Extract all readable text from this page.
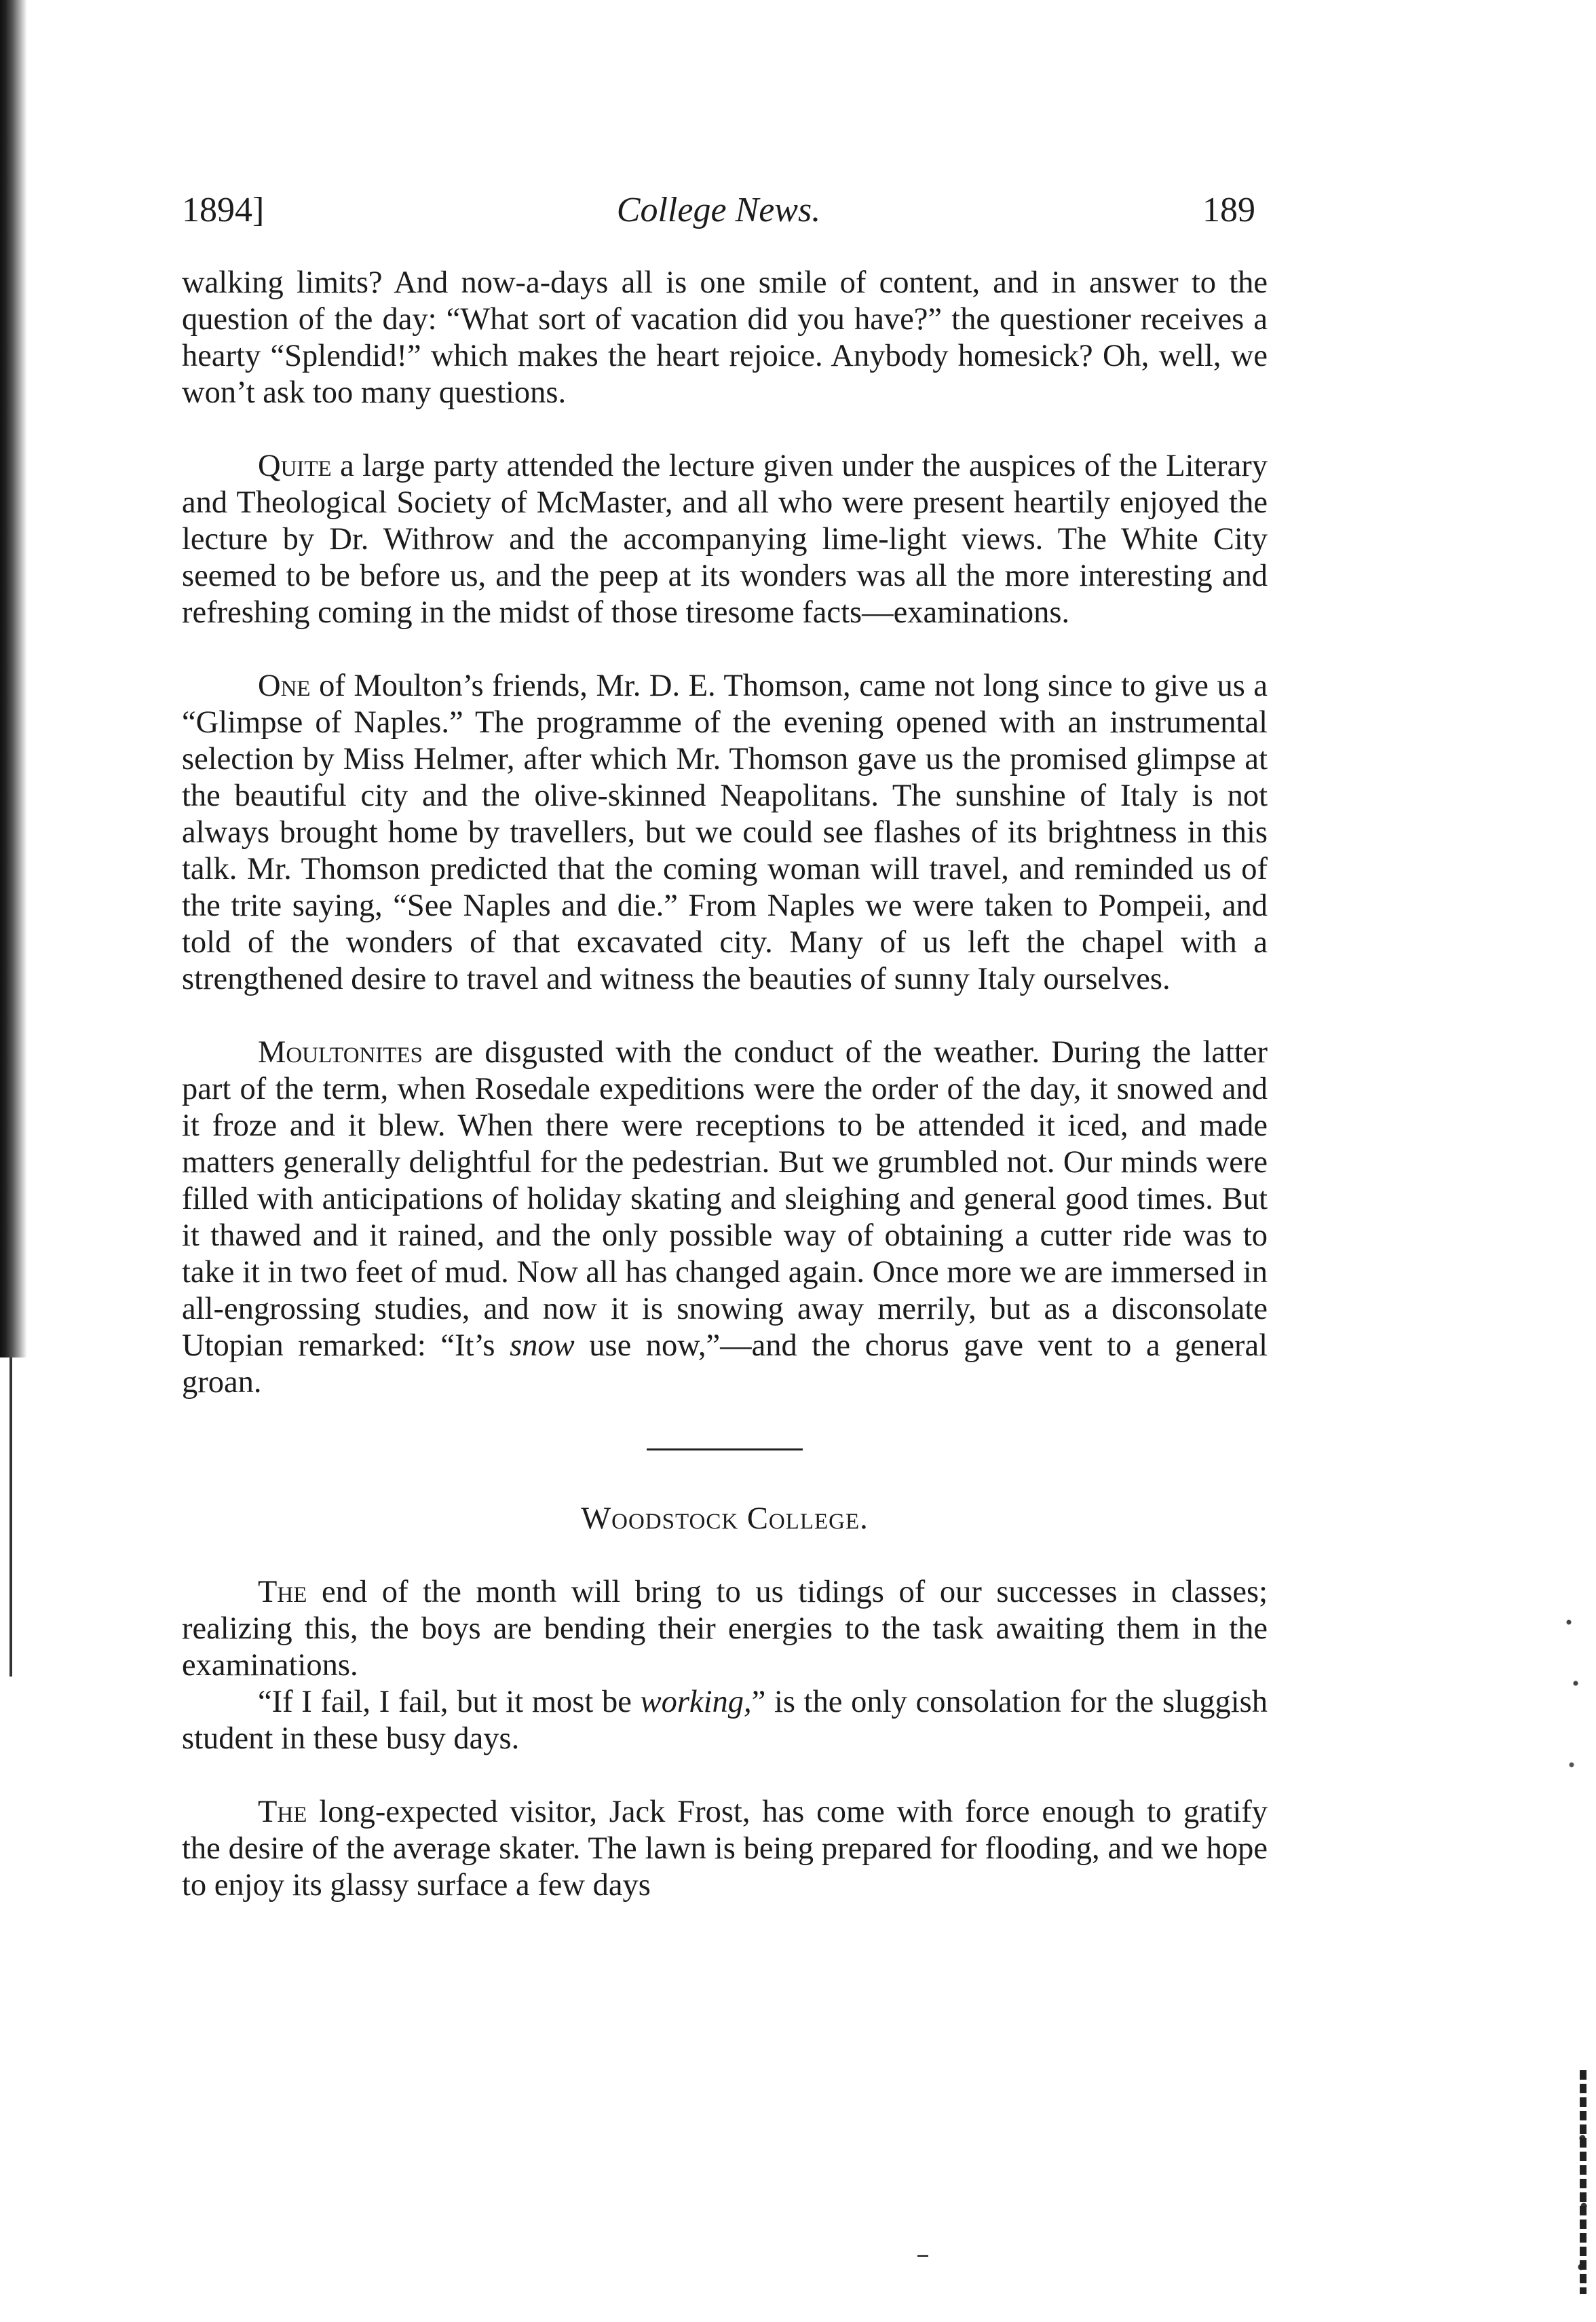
1894]	College News.	189

walking limits? And now-a-days all is one smile of content, and in answer to the question of the day: “What sort of vacation did you have?” the questioner receives a hearty “Splendid!” which makes the heart rejoice. Anybody homesick? Oh, well, we won’t ask too many questions.

Quite a large party attended the lecture given under the auspices of the Literary and Theological Society of McMaster, and all who were present heartily enjoyed the lecture by Dr. Withrow and the accompanying lime-light views. The White City seemed to be before us, and the peep at its wonders was all the more interesting and refreshing coming in the midst of those tiresome facts—examinations.

One of Moulton’s friends, Mr. D. E. Thomson, came not long since to give us a “Glimpse of Naples.” The programme of the evening opened with an instrumental selection by Miss Helmer, after which Mr. Thomson gave us the promised glimpse at the beautiful city and the olive-skinned Neapolitans. The sunshine of Italy is not always brought home by travellers, but we could see flashes of its brightness in this talk. Mr. Thomson predicted that the coming woman will travel, and reminded us of the trite saying, “See Naples and die.” From Naples we were taken to Pompeii, and told of the wonders of that excavated city. Many of us left the chapel with a strengthened desire to travel and witness the beauties of sunny Italy ourselves.

Moultonites are disgusted with the conduct of the weather. During the latter part of the term, when Rosedale expeditions were the order of the day, it snowed and it froze and it blew. When there were receptions to be attended it iced, and made matters generally delightful for the pedestrian. But we grumbled not. Our minds were filled with anticipations of holiday skating and sleighing and general good times. But it thawed and it rained, and the only possible way of obtaining a cutter ride was to take it in two feet of mud. Now all has changed again. Once more we are immersed in all-engrossing studies, and now it is snowing away merrily, but as a disconsolate Utopian remarked: “It’s snow use now,”—and the chorus gave vent to a general groan.

Woodstock College.

The end of the month will bring to us tidings of our successes in classes; realizing this, the boys are bending their energies to the task awaiting them in the examinations.

“If I fail, I fail, but it most be working,” is the only consolation for the sluggish student in these busy days.

The long-expected visitor, Jack Frost, has come with force enough to gratify the desire of the average skater. The lawn is being prepared for flooding, and we hope to enjoy its glassy surface a few days
